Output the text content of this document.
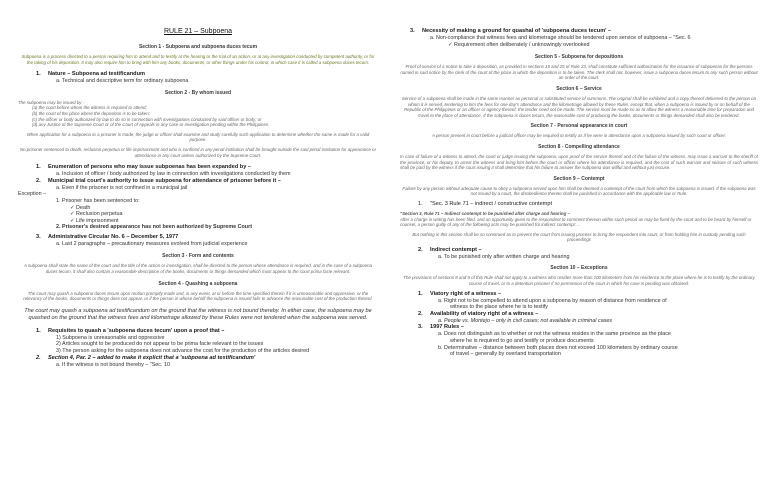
RULE 21 – Subpoena
Section 1 - Subpoena and subpoena duces tecum
Subpoena is a process directed to a person requiring him to attend and to testify at the hearing or the trial of an action, or at any investigation conducted by competent authority, or for the taking of his deposition. It may also require him to bring with him any books, documents, or other things under his control, in which case it is called a subpoena duces tecum.
1. Nature – Subpoena ad testificandum
a. Technical and descriptive term for ordinary subpoena
Section 2 - By whom issued
The subpoena may be issued by -
(a) the court before whom the witness is required to attend;
(b) the court of the place where the deposition is to be taken;
(c) the officer or body authorized by law to do so in connection with investigations conducted by said officer or body; or
(d) any Justice of the Supreme Court or of the Court of Appeals in any case or investigation pending within the Philippines.
When application for a subpoena to a prisoner is made, the judge or officer shall examine and study carefully such application to determine whether the same is made for a valid purpose.
No prisoner sentenced to death, reclusion perpetua or life imprisonment and who is confined in any penal institution shall be brought outside the said penal institution for appearance or attendance in any court unless authorized by the Supreme Court.
1. Enumeration of persons who may issue subpoenas has been expanded by –
a. Inclusion of officer / body authorized by law in connection with investigations conducted by them
2. Municipal trial court's authority to issue subpoena for attendance of prisoner before it –
a. Even if the prisoner is not confined in a municipal jail
Exception –
1. Prisoner has been sentenced to:
✓ Death
✓ Reclusion perpetua
✓ Life imprisonment
2. Prisoner's desired appearance has not been authorized by Supreme Court
3. Administrative Circular No. 6 – December 5, 1977
a. Last 2 paragraphs – precautionary measures evolved from judicial experience
Section 3 - Form and contents
A subpoena shall state the name of the court and the title of the action or investigation, shall be directed to the person whose attendance is required, and in the case of a subpoena duces tecum, it shall also contain a reasonable description of the books, documents or things demanded which must appear to the court prima facie relevant.
Section 4 - Quashing a subpoena
The court may quash a subpoena duces tecum upon motion promptly made and, in any event, at or before the time specified therein if it is unreasonable and oppressive, or the relevancy of the books, documents or things does not appear, or if the person in whose behalf the subpoena is issued fails to advance the reasonable cost of the production thereof.
The court may quash a subpoena ad testificandum on the ground that the witness is not bound thereby. In either case, the subpoena may be quashed on the ground that the witness fees and kilometrage allowed by these Rules were not tendered when the subpoena was served.
1. Requisites to quash a 'subpoena duces tecum' upon a proof that –
1) Subpoena is unreasonable and oppressive
2) Articles sought to be produced do not appear to be prima facie relevant to the issues
3) The person asking for the subpoena does not advance the cost for the production of the articles desired
2. Section 4, Par. 2 – added to make it explicit that a 'subpoena ad testificandum'
a. If the witness is not bound thereby – "Sec. 10
3. Necessity of making a ground for quashal of 'subpoena duces tecum' –
a. Non-compliance that witness fees and kilometrage should be tendered upon service of subpoena – "Sec. 6
✓ Requirement often deliberately / unknowingly overlooked
Section 5 - Subpoena for depositions
Proof of service of a notice to take a deposition, as provided in sections 15 and 25 of Rule 23, shall constitute sufficient authorization for the issuance of subpoenas for the persons named in said notice by the clerk of the court of the place in which the deposition is to be taken. The clerk shall not, however, issue a subpoena duces tecum to any such person without an order of the court.
Section 6 – Service
Service of a subpoena shall be made in the same manner as personal or substituted service of summons. The original shall be exhibited and a copy thereof delivered to the person on whom it is served, tendering to him the fees for one day's attendance and the kilometrage allowed by these Rules, except that, when a subpoena is issued by or on behalf of the Republic of the Philippines or an officer or agency thereof, the tender need not be made. The service must be made so as to allow the witness a reasonable time for preparation and travel to the place of attendance. If the subpoena is duces tecum, the reasonable cost of producing the books, documents or things demanded shall also be tendered.
Section 7 - Personal appearance in court
A person present in court before a judicial officer may be required to testify as if he were in attendance upon a subpoena issued by such court or officer.
Section 8 - Compelling attendance
In case of failure of a witness to attend, the court or judge issuing the subpoena, upon proof of the service thereof and of the failure of the witness, may issue a warrant to the sheriff of the province, or his deputy, to arrest the witness and bring him before the court or officer where his attendance is required, and the cost of such warrant and seizure of such witness shall be paid by the witness if the court issuing it shall determine that his failure to answer the subpoena was willful and without just excuse.
Section 9 – Contempt
Failure by any person without adequate cause to obey a subpoena served upon him shall be deemed a contempt of the court from which the subpoena is issued. If the subpoena was not issued by a court, the disobedience thereto shall be punished in accordance with the applicable law or Rule.
1. "Sec. 3 Rule 71 – indirect / constructive contempt
"Section 3, Rule 71 – Indirect contempt to be punished after charge and hearing –
After a charge in writing has been filed, and an opportunity given to the respondent to comment thereon within such period as may be fixed by the court and to be heard by himself or counsel, a person guilty of any of the following acts may be punished for indirect contempt: ...
But nothing in this section shall be so construed as to prevent the court from issuing process to bring the respondent into court, or from holding him in custody pending such proceedings
2. Indirect contempt –
a. To be punished only after written charge and hearing
Section 10 – Exceptions
The provisions of sections 8 and 9 of this Rule shall not apply to a witness who resides more than 100 kilometers from his residence to the place where he is to testify by the ordinary course of travel, or to a detention prisoner if no permission of the court in which his case is pending was obtained.
1. Viatory right of a witness –
a. Right not to be compelled to attend upon a subpoena by reason of distance from residence of
witness to the place where he is to testify
2. Availability of viatory right of a witness –
a. People vs. Montejo – only in civil cases; not available in criminal cases
3. 1997 Rules –
a. Does not distinguish as to whether or not the witness resides in the same province as the place
where he is required to go and testify or produce documents
b. Determinative – distance between both places does not exceed 100 kilometers by ordinary course
of travel – generally by overland transportation
